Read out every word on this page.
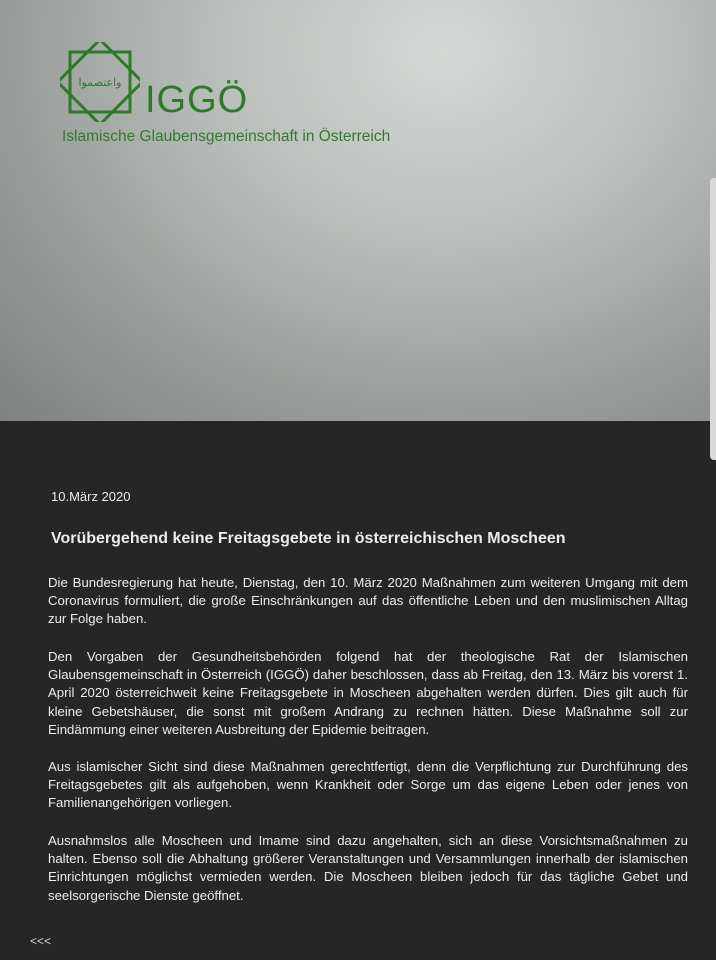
واعتصموا IGGÖ
Islamische Glaubensgemeinschaft in Österreich
10.März 2020
Vorübergehend keine Freitagsgebete in österreichischen Moscheen

Die Bundesregierung hat heute, Dienstag, den 10. März 2020 Maßnahmen zum weiteren Umgang mit dem Coronavirus formuliert, die große Einschränkungen auf das öffentliche Leben und den muslimischen Alltag zur Folge haben.

Den Vorgaben der Gesundheitsbehörden folgend hat der theologische Rat der Islamischen Glaubensgemeinschaft in Österreich (IGGÖ) daher beschlossen, dass ab Freitag, den 13. März bis vorerst 1. April 2020 österreichweit keine Freitagsgebete in Moscheen abgehalten werden dürfen. Dies gilt auch für kleine Gebetshäuser, die sonst mit großem Andrang zu rechnen hätten. Diese Maßnahme soll zur Eindämmung einer weiteren Ausbreitung der Epidemie beitragen.

Aus islamischer Sicht sind diese Maßnahmen gerechtfertigt, denn die Verpflichtung zur Durchführung des Freitagsgebetes gilt als aufgehoben, wenn Krankheit oder Sorge um das eigene Leben oder jenes von Familienangehörigen vorliegen.

Ausnahmslos alle Moscheen und Imame sind dazu angehalten, sich an diese Vorsichtsmaßnahmen zu halten. Ebenso soll die Abhaltung größerer Veranstaltungen und Versammlungen innerhalb der islamischen Einrichtungen möglichst vermieden werden. Die Moscheen bleiben jedoch für das tägliche Gebet und seelsorgerische Dienste geöffnet.

<<<
